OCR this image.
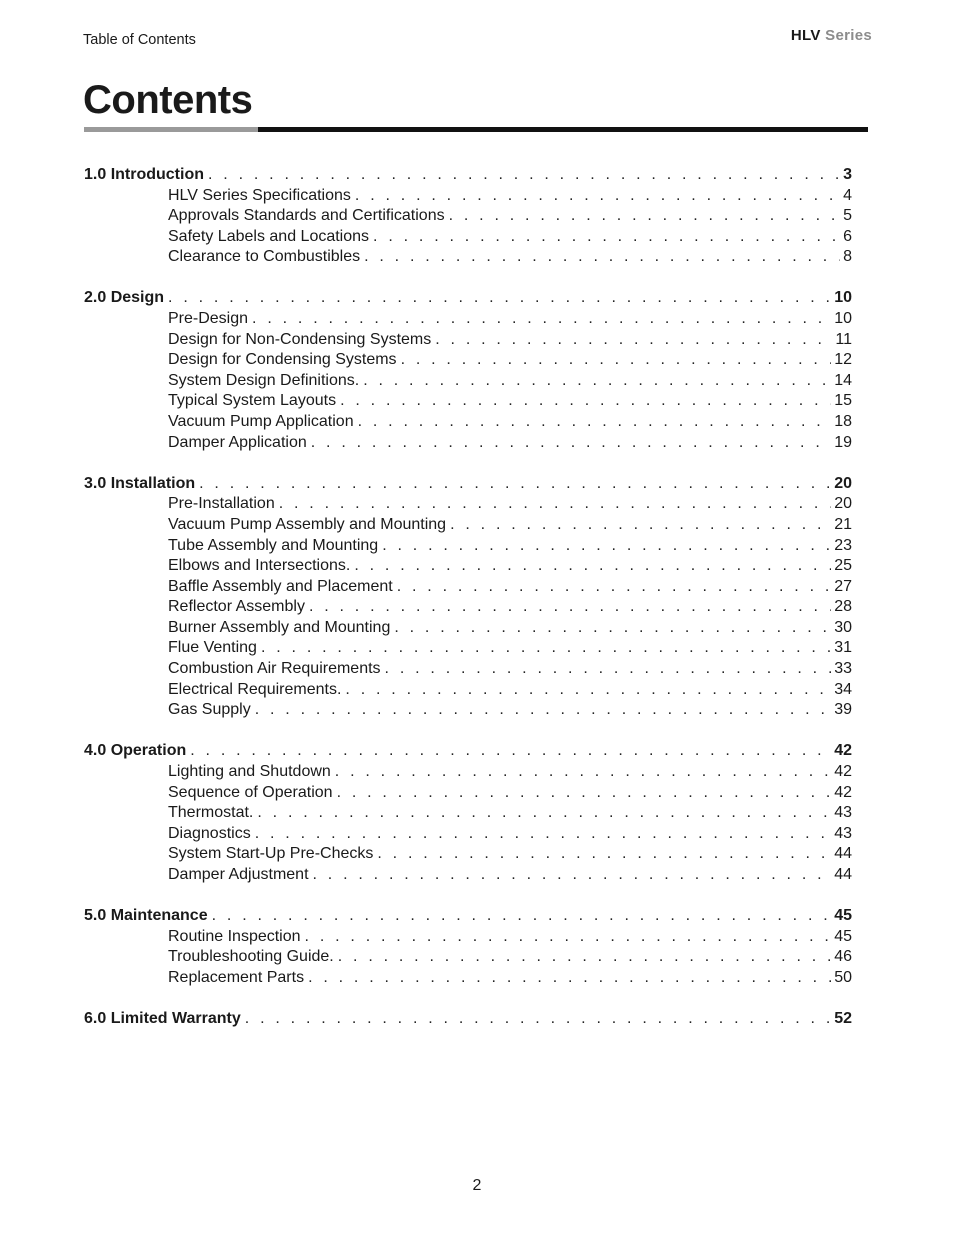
Table of Contents	HLV Series
Contents
1.0 Introduction . . .	3
HLV Series Specifications . . .	4
Approvals Standards and Certifications . . .	5
Safety Labels and Locations . . .	6
Clearance to Combustibles . . .	8
2.0 Design . . .	10
Pre-Design . . .	10
Design for Non-Condensing Systems . . .	11
Design for Condensing Systems . . .	12
System Design Definitions. . . .	14
Typical System Layouts . . .	15
Vacuum Pump Application . . .	18
Damper Application . . .	19
3.0 Installation . . .	20
Pre-Installation . . .	20
Vacuum Pump Assembly and Mounting . . .	21
Tube Assembly and Mounting . . .	23
Elbows and Intersections. . . .	25
Baffle Assembly and Placement . . .	27
Reflector Assembly . . .	28
Burner Assembly and Mounting . . .	30
Flue Venting . . .	31
Combustion Air Requirements . . .	33
Electrical Requirements. . . .	34
Gas Supply . . .	39
4.0 Operation . . .	42
Lighting and Shutdown . . .	42
Sequence of Operation . . .	42
Thermostat. . . .	43
Diagnostics . . .	43
System Start-Up Pre-Checks . . .	44
Damper Adjustment . . .	44
5.0 Maintenance . . .	45
Routine Inspection . . .	45
Troubleshooting Guide. . . .	46
Replacement Parts . . .	50
6.0 Limited Warranty . . .	52
2
